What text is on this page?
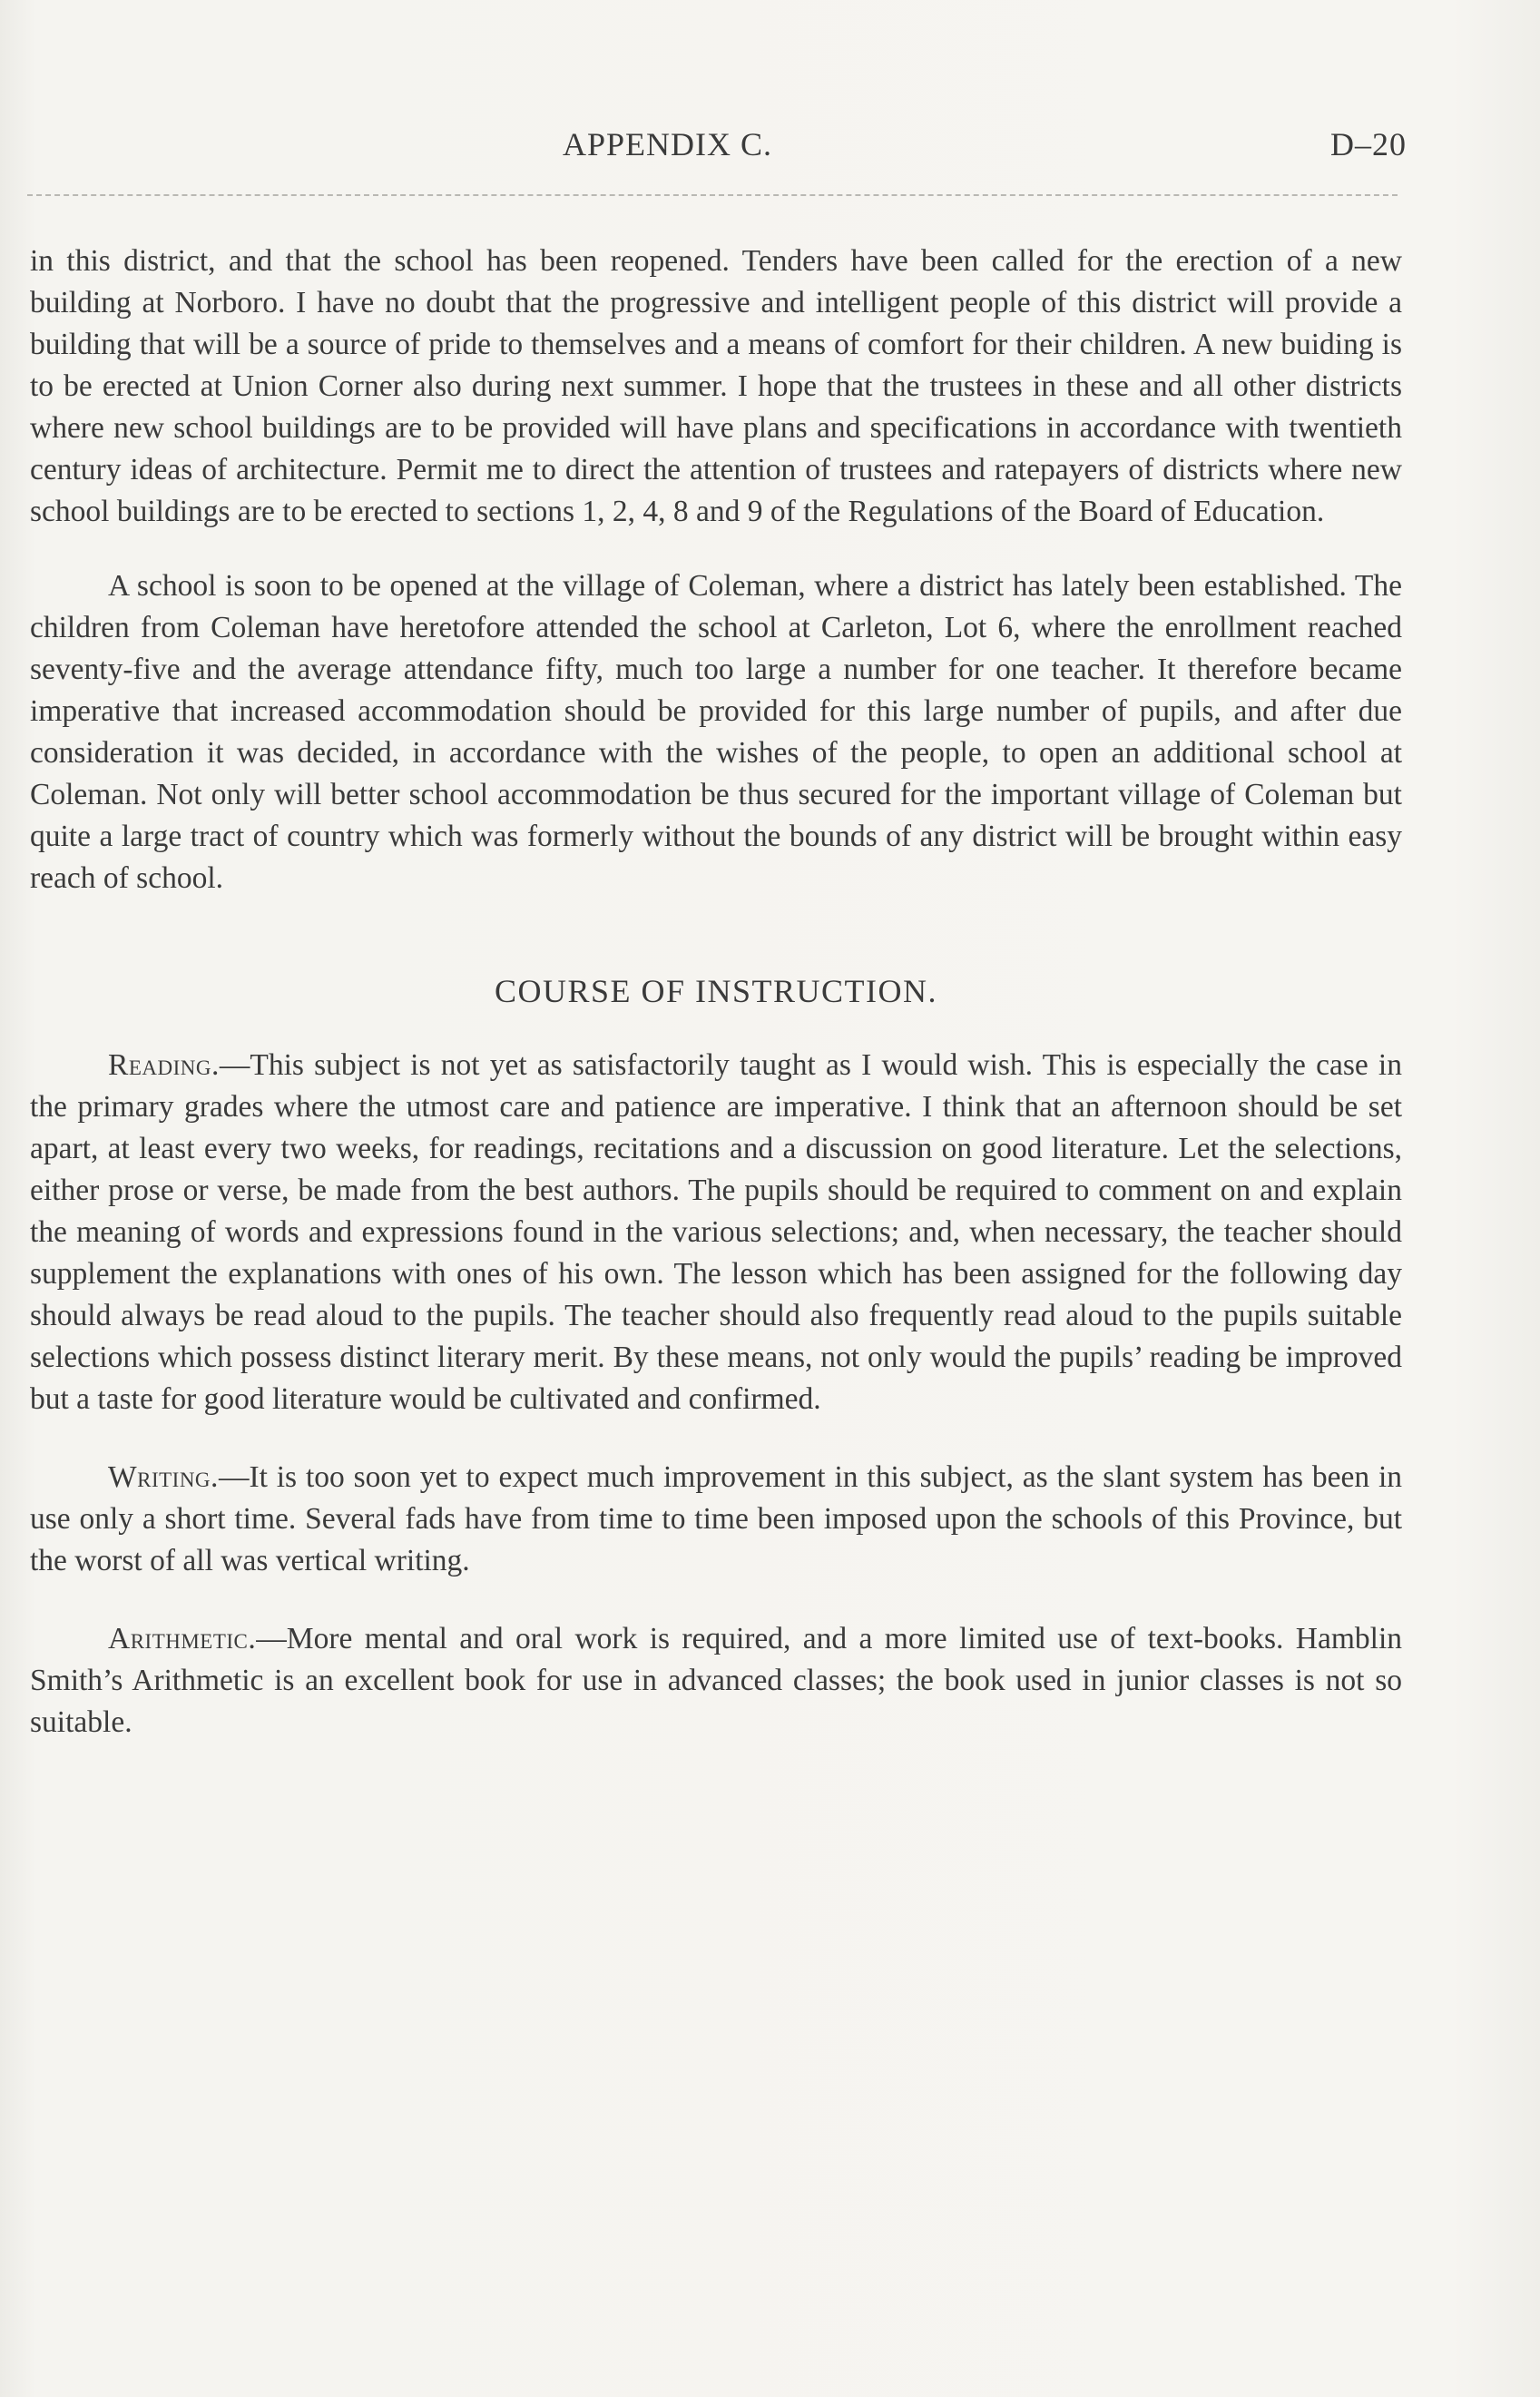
APPENDIX C.	D–20

in this district, and that the school has been reopened. Tenders have been called for the erection of a new building at Norboro. I have no doubt that the progressive and intelligent people of this district will provide a building that will be a source of pride to themselves and a means of comfort for their children. A new buiding is to be erected at Union Corner also during next summer. I hope that the trustees in these and all other districts where new school buildings are to be provided will have plans and specifications in accordance with twentieth century ideas of architecture. Permit me to direct the attention of trustees and ratepayers of districts where new school buildings are to be erected to sections 1, 2, 4, 8 and 9 of the Regulations of the Board of Education.

A school is soon to be opened at the village of Coleman, where a district has lately been established. The children from Coleman have heretofore attended the school at Carleton, Lot 6, where the enrollment reached seventy-five and the average attendance fifty, much too large a number for one teacher. It therefore became imperative that increased accommodation should be provided for this large number of pupils, and after due consideration it was decided, in accordance with the wishes of the people, to open an additional school at Coleman. Not only will better school accommodation be thus secured for the important village of Coleman but quite a large tract of country which was formerly without the bounds of any district will be brought within easy reach of school.

COURSE OF INSTRUCTION.

Reading.—This subject is not yet as satisfactorily taught as I would wish. This is especially the case in the primary grades where the utmost care and patience are imperative. I think that an afternoon should be set apart, at least every two weeks, for readings, recitations and a discussion on good literature. Let the selections, either prose or verse, be made from the best authors. The pupils should be required to comment on and explain the meaning of words and expressions found in the various selections; and, when necessary, the teacher should supplement the explanations with ones of his own. The lesson which has been assigned for the following day should always be read aloud to the pupils. The teacher should also frequently read aloud to the pupils suitable selections which possess distinct literary merit. By these means, not only would the pupils’ reading be improved but a taste for good literature would be cultivated and confirmed.

Writing.—It is too soon yet to expect much improvement in this subject, as the slant system has been in use only a short time. Several fads have from time to time been imposed upon the schools of this Province, but the worst of all was vertical writing.

Arithmetic.—More mental and oral work is required, and a more limited use of text-books. Hamblin Smith’s Arithmetic is an excellent book for use in advanced classes; the book used in junior classes is not so suitable.
